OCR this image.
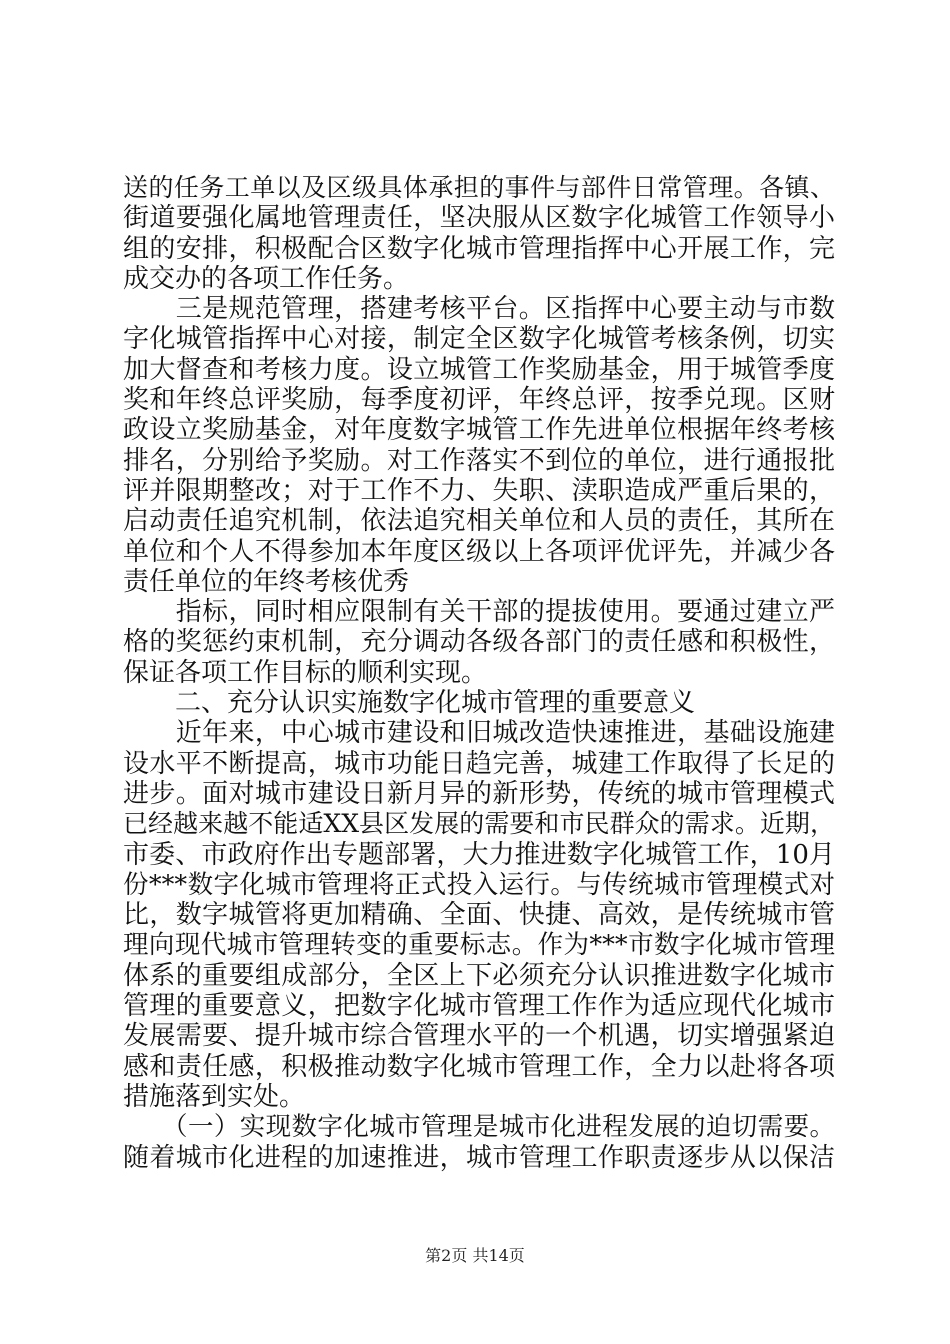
送的任务工单以及区级具体承担的事件与部件日常管理。各镇、
街道要强化属地管理责任，坚决服从区数字化城管工作领导小
组的安排，积极配合区数字化城市管理指挥中心开展工作，完
成交办的各项工作任务。
　　三是规范管理，搭建考核平台。区指挥中心要主动与市数
字化城管指挥中心对接，制定全区数字化城管考核条例，切实
加大督查和考核力度。设立城管工作奖励基金，用于城管季度
奖和年终总评奖励，每季度初评，年终总评，按季兑现。区财
政设立奖励基金，对年度数字城管工作先进单位根据年终考核
排名，分别给予奖励。对工作落实不到位的单位，进行通报批
评并限期整改；对于工作不力、失职、渎职造成严重后果的，
启动责任追究机制，依法追究相关单位和人员的责任，其所在
单位和个人不得参加本年度区级以上各项评优评先，并减少各
责任单位的年终考核优秀
　　指标，同时相应限制有关干部的提拔使用。要通过建立严
格的奖惩约束机制，充分调动各级各部门的责任感和积极性，
保证各项工作目标的顺利实现。
　　二、充分认识实施数字化城市管理的重要意义
　　近年来，中心城市建设和旧城改造快速推进，基础设施建
设水平不断提高，城市功能日趋完善，城建工作取得了长足的
进步。面对城市建设日新月异的新形势，传统的城市管理模式
已经越来越不能适XX县区发展的需要和市民群众的需求。近期，
市委、市政府作出专题部署，大力推进数字化城管工作，10月
份***数字化城市管理将正式投入运行。与传统城市管理模式对
比，数字城管将更加精确、全面、快捷、高效，是传统城市管
理向现代城市管理转变的重要标志。作为***市数字化城市管理
体系的重要组成部分，全区上下必须充分认识推进数字化城市
管理的重要意义，把数字化城市管理工作作为适应现代化城市
发展需要、提升城市综合管理水平的一个机遇，切实增强紧迫
感和责任感，积极推动数字化城市管理工作，全力以赴将各项
措施落到实处。
　　（一）实现数字化城市管理是城市化进程发展的迫切需要。
随着城市化进程的加速推进，城市管理工作职责逐步从以保洁
第2页 共14页
